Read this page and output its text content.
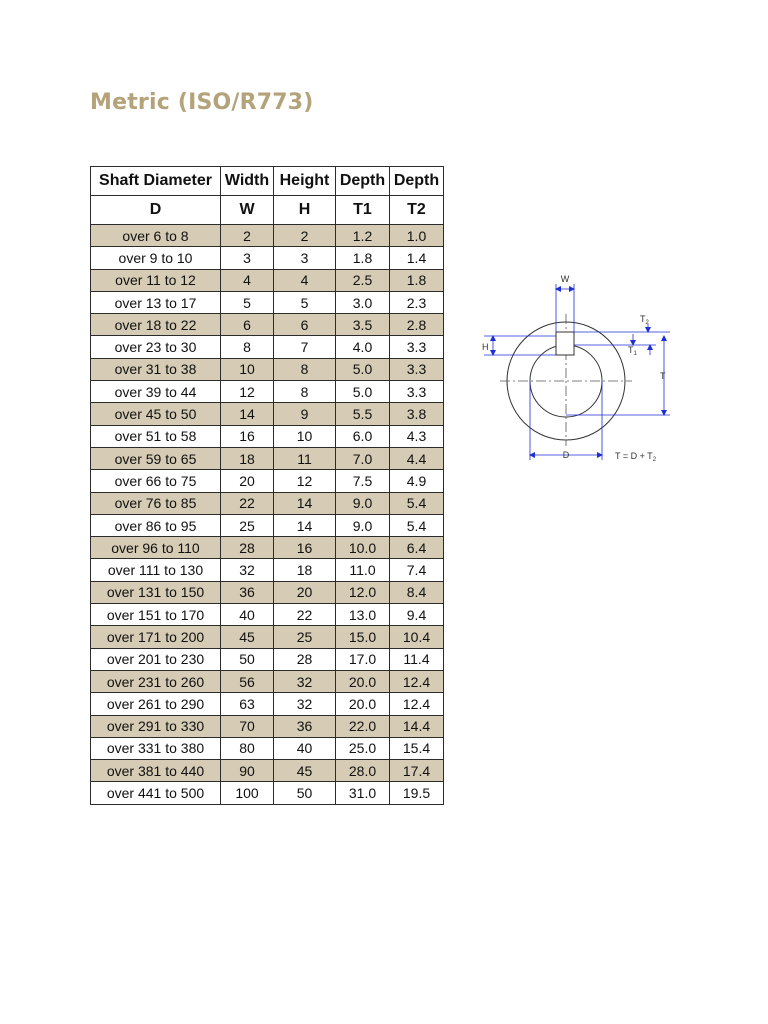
Metric (ISO/R773)
Shaft Diameter	Width	Height	Depth	Depth
D	W	H	T1	T2
over 6 to 8	2	2	1.2	1.0
over 9 to 10	3	3	1.8	1.4
over 11 to 12	4	4	2.5	1.8
over 13 to 17	5	5	3.0	2.3
over 18 to 22	6	6	3.5	2.8
over 23 to 30	8	7	4.0	3.3
over 31 to 38	10	8	5.0	3.3
over 39 to 44	12	8	5.0	3.3
over 45 to 50	14	9	5.5	3.8
over 51 to 58	16	10	6.0	4.3
over 59 to 65	18	11	7.0	4.4
over 66 to 75	20	12	7.5	4.9
over 76 to 85	22	14	9.0	5.4
over 86 to 95	25	14	9.0	5.4
over 96 to 110	28	16	10.0	6.4
over 111 to 130	32	18	11.0	7.4
over 131 to 150	36	20	12.0	8.4
over 151 to 170	40	22	13.0	9.4
over 171 to 200	45	25	15.0	10.4
over 201 to 230	50	28	17.0	11.4
over 231 to 260	56	32	20.0	12.4
over 261 to 290	63	32	20.0	12.4
over 291 to 330	70	36	22.0	14.4
over 331 to 380	80	40	25.0	15.4
over 381 to 440	90	45	28.0	17.4
over 441 to 500	100	50	31.0	19.5
W
H
$T_2$
$T_1$
T
D	$T = D + T_2$
